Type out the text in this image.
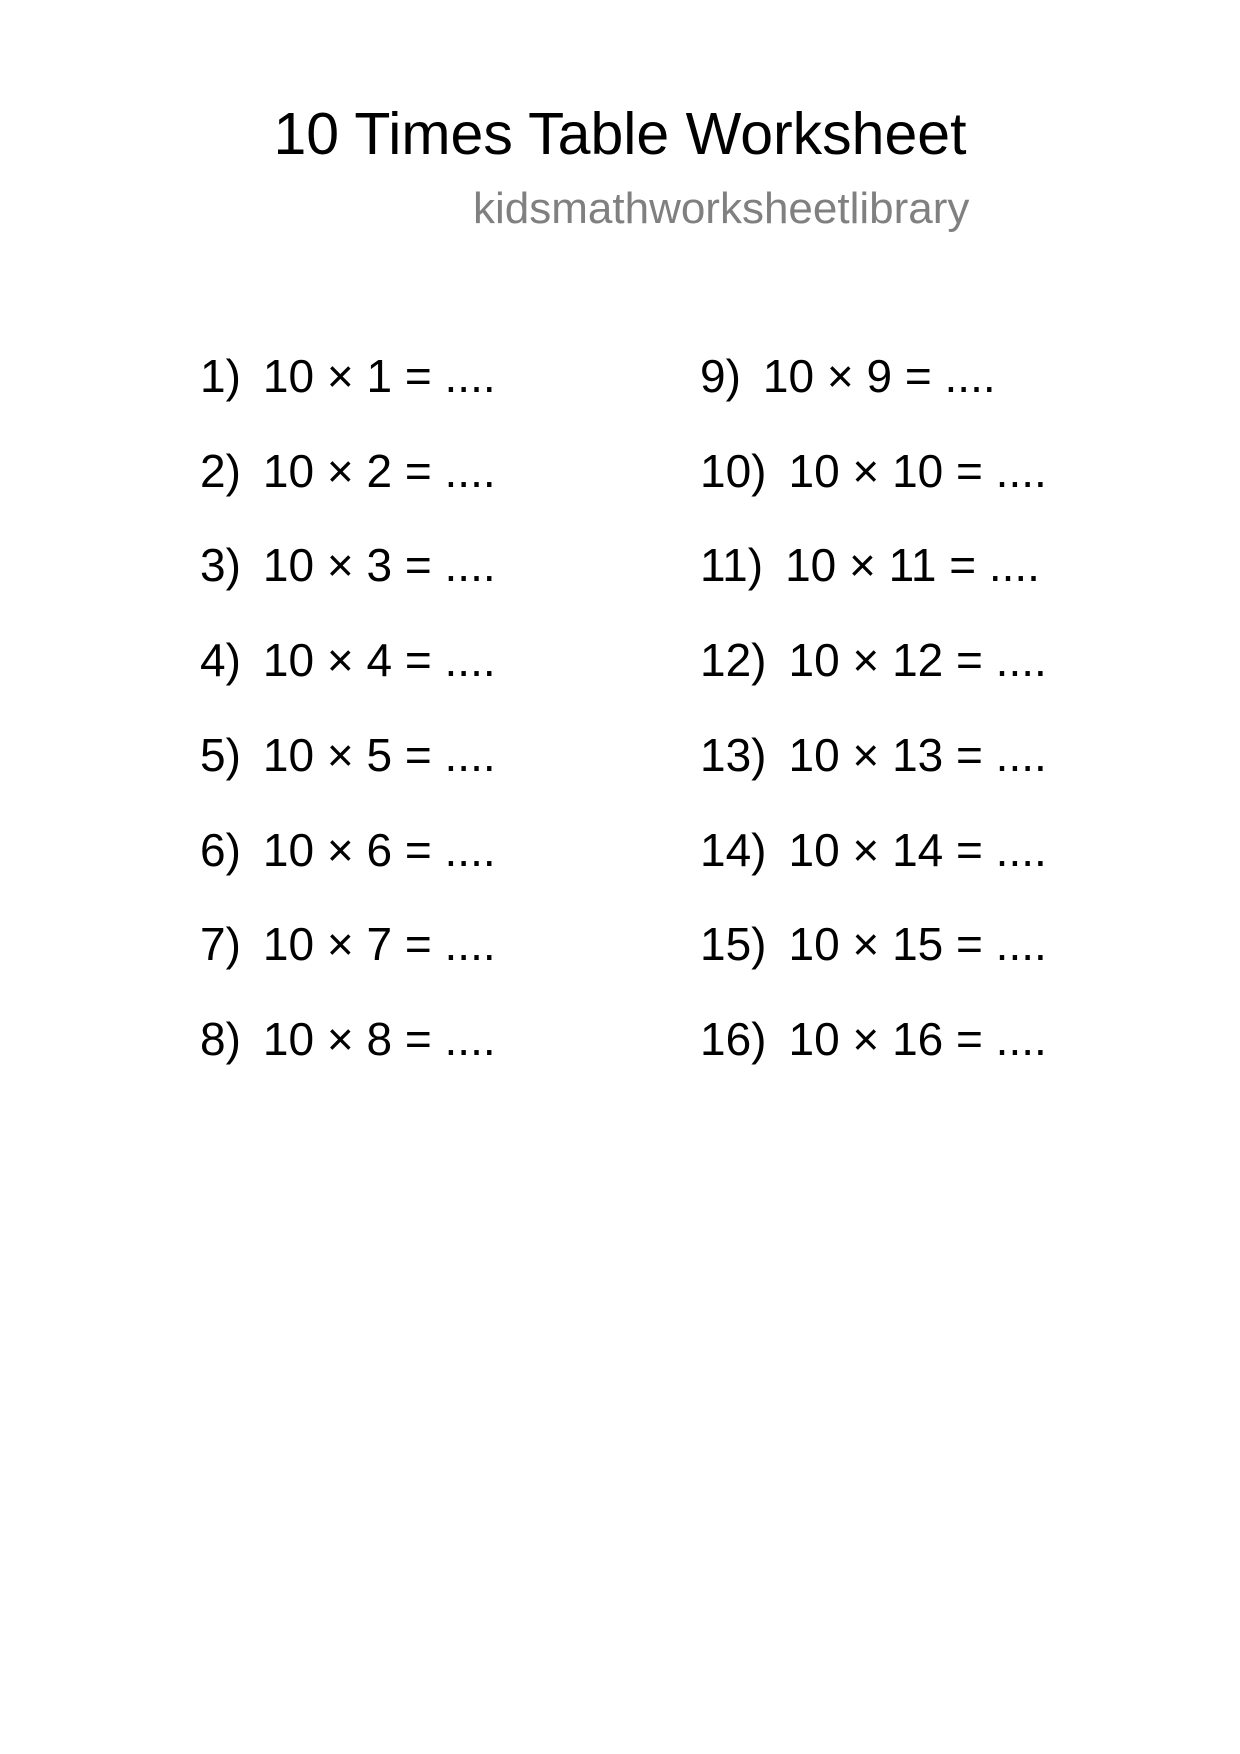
10 Times Table Worksheet
kidsmathworksheetlibrary
1) 10 × 1 = ....
2) 10 × 2 = ....
3) 10 × 3 = ....
4) 10 × 4 = ....
5) 10 × 5 = ....
6) 10 × 6 = ....
7) 10 × 7 = ....
8) 10 × 8 = ....
9) 10 × 9 = ....
10) 10 × 10 = ....
11) 10 × 11 = ....
12) 10 × 12 = ....
13) 10 × 13 = ....
14) 10 × 14 = ....
15) 10 × 15 = ....
16) 10 × 16 = ....
